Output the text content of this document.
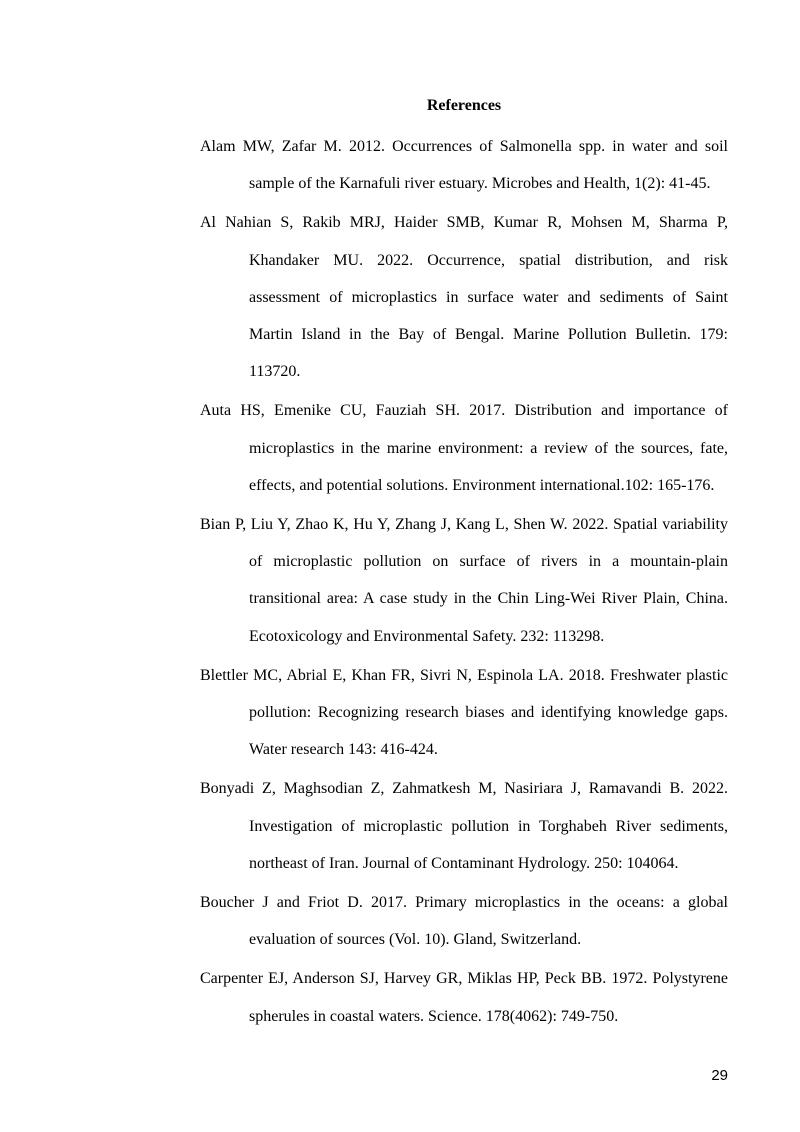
References
Alam MW, Zafar M. 2012. Occurrences of Salmonella spp. in water and soil sample of the Karnafuli river estuary. Microbes and Health, 1(2): 41-45.
Al Nahian S, Rakib MRJ, Haider SMB, Kumar R, Mohsen M, Sharma P, Khandaker MU. 2022. Occurrence, spatial distribution, and risk assessment of microplastics in surface water and sediments of Saint Martin Island in the Bay of Bengal. Marine Pollution Bulletin. 179: 113720.
Auta HS, Emenike CU, Fauziah SH. 2017. Distribution and importance of microplastics in the marine environment: a review of the sources, fate, effects, and potential solutions. Environment international.102: 165-176.
Bian P, Liu Y, Zhao K, Hu Y, Zhang J, Kang L, Shen W. 2022. Spatial variability of microplastic pollution on surface of rivers in a mountain-plain transitional area: A case study in the Chin Ling-Wei River Plain, China. Ecotoxicology and Environmental Safety. 232: 113298.
Blettler MC, Abrial E, Khan FR, Sivri N, Espinola LA. 2018. Freshwater plastic pollution: Recognizing research biases and identifying knowledge gaps. Water research 143: 416-424.
Bonyadi Z, Maghsodian Z, Zahmatkesh M, Nasiriara J, Ramavandi B. 2022. Investigation of microplastic pollution in Torghabeh River sediments, northeast of Iran. Journal of Contaminant Hydrology. 250: 104064.
Boucher J and Friot D. 2017. Primary microplastics in the oceans: a global evaluation of sources (Vol. 10). Gland, Switzerland.
Carpenter EJ, Anderson SJ, Harvey GR, Miklas HP, Peck BB. 1972. Polystyrene spherules in coastal waters. Science. 178(4062): 749-750.
29
